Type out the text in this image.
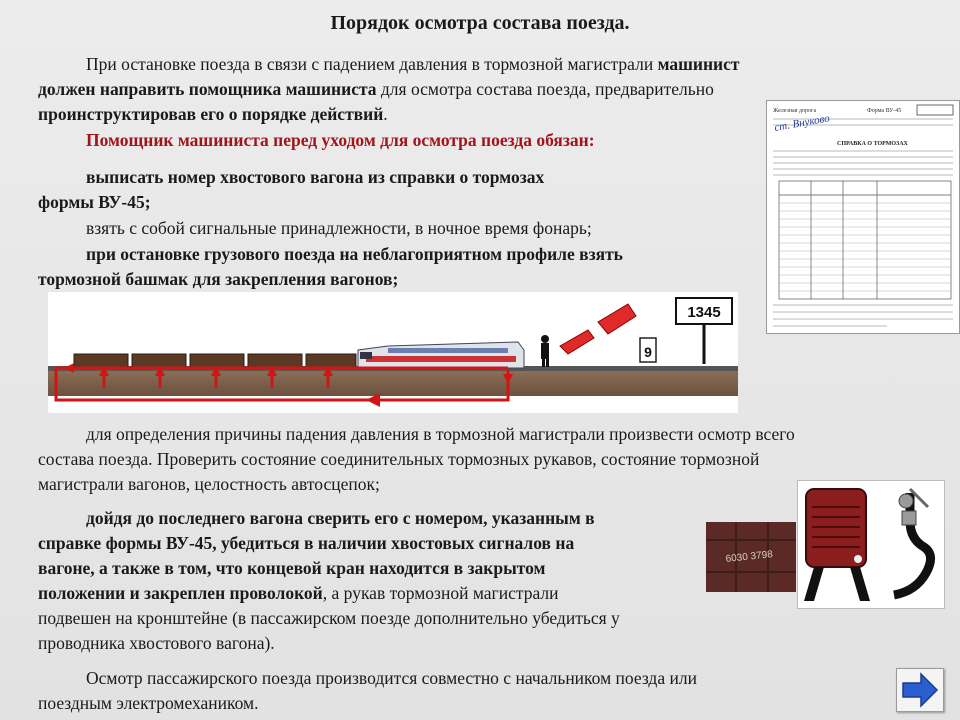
Порядок осмотра состава поезда.
При остановке поезда в связи с падением давления в тормозной магистрали машинист
должен направить помощника машиниста для осмотра состава поезда, предварительно
проинструктировав его о порядке действий.
Помощник машиниста перед уходом для осмотра поезда обязан:
выписать номер хвостового вагона из справки о тормозах
формы ВУ-45;
взять с собой сигнальные принадлежности, в ночное время фонарь;
при остановке грузового поезда на неблагоприятном профиле взять
тормозной башмак для закрепления вагонов;
Железная дорога	Форма ВУ-45
ст. Внуково
СПРАВКА О ТОРМОЗАХ
9
1345
для определения причины падения давления в тормозной магистрали произвести осмотр всего
состава поезда. Проверить состояние соединительных тормозных рукавов, состояние тормозной
магистрали вагонов, целостность автосцепок;
дойдя до последнего вагона сверить его с номером, указанным в
справке формы ВУ-45, убедиться в наличии хвостовых сигналов на
вагоне, а также в том, что концевой кран находится в закрытом
положении и закреплен проволокой, а рукав тормозной магистрали
подвешен на кронштейне (в пассажирском поезде дополнительно убедиться у
проводника хвостового вагона).
6030 3798
Осмотр пассажирского поезда производится совместно с начальником поезда или
поездным электромехаником.
